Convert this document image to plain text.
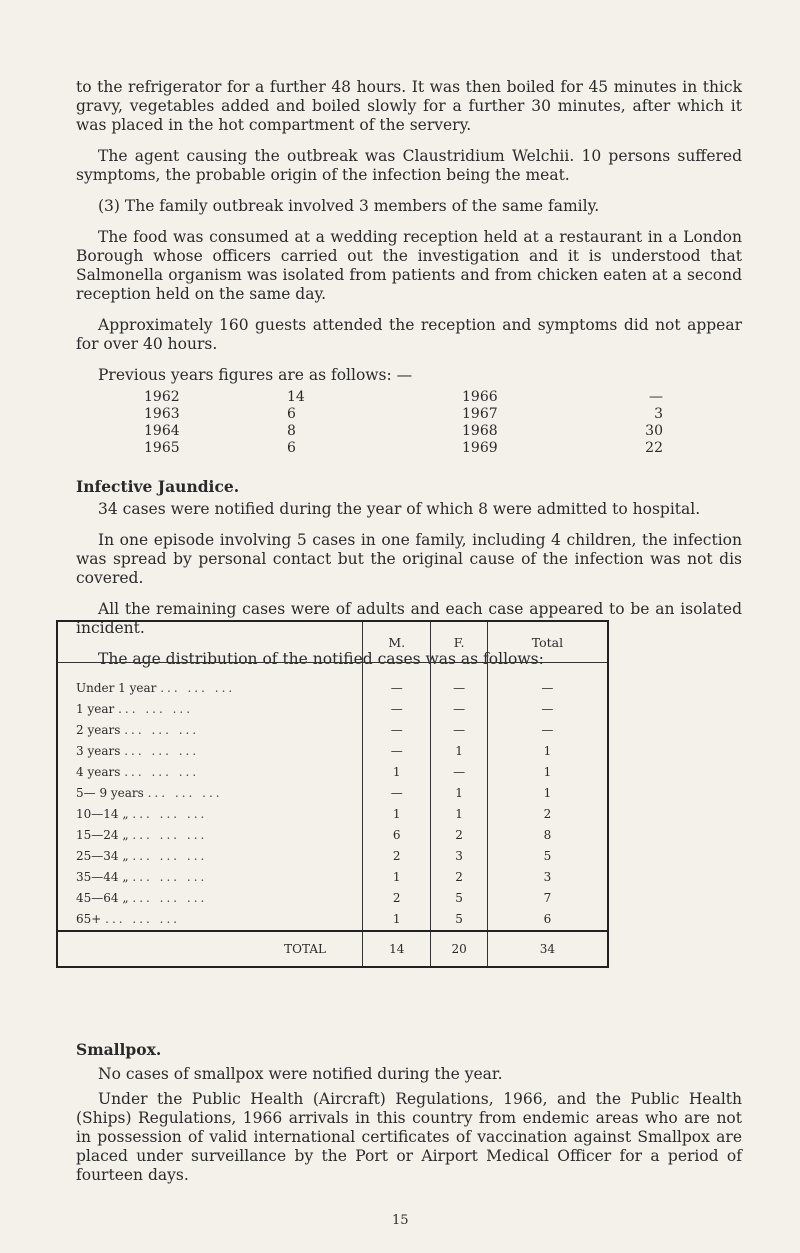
to the refrigerator for a further 48 hours. It was then boiled for 45 minutes in thick gravy, vegetables added and boiled slowly for a further 30 minutes, after which it was placed in the hot compartment of the servery.

The agent causing the outbreak was Claustridium Welchii. 10 persons suffered symptoms, the probable origin of the infection being the meat.

(3) The family outbreak involved 3 members of the same family.

The food was consumed at a wedding reception held at a restaurant in a London Borough whose officers carried out the investigation and it is understood that Salmonella organism was isolated from patients and from chicken eaten at a second reception held on the same day.

Approximately 160 guests attended the reception and symptoms did not appear for over 40 hours.

Previous years figures are as follows: —

1962	14	1966	—
1963	6	1967	3
1964	8	1968	30
1965	6	1969	22

Infective Jaundice.

34 cases were notified during the year of which 8 were admitted to hospital.

In one episode involving 5 cases in one family, including 4 children, the infection was spread by personal contact but the original cause of the infection was not dis covered.

All the remaining cases were of adults and each case appeared to be an isolated incident.

The age distribution of the notified cases was as follows:

	M.	F.	Total
Under 1 year ... ... ...	—	—	—
1 year ... ... ...	—	—	—
2 years ... ... ...	—	—	—
3 years ... ... ...	—	1	1
4 years ... ... ...	1	—	1
5— 9 years ... ... ...	—	1	1
10—14 „ ... ... ...	1	1	2
15—24 „ ... ... ...	6	2	8
25—34 „ ... ... ...	2	3	5
35—44 „ ... ... ...	1	2	3
45—64 „ ... ... ...	2	5	7
65+ ... ... ...	1	5	6
TOTAL	14	20	34

Smallpox.

No cases of smallpox were notified during the year.

Under the Public Health (Aircraft) Regulations, 1966, and the Public Health (Ships) Regulations, 1966 arrivals in this country from endemic areas who are not in possession of valid international certificates of vaccination against Smallpox are placed under surveillance by the Port or Airport Medical Officer for a period of fourteen days.

15
